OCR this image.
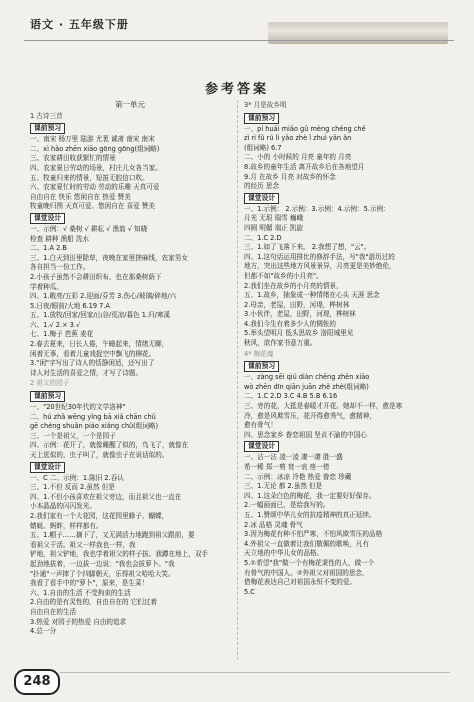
语文 · 五年级下册
参考答案
第一单元
1 古诗三首
课前预习
一、南宋 杨万里 陆游 尤袤 诚斋 南宋 南宋
二、xì hǎo zhēn xiāo gōng gōng(组词略)
三、农家耕田收获繁忙的情景
四、农家夏日劳动的场景，村庄儿女各当家。
五、牧童归来的情景，短笛无腔信口吹。
六、农家夏忙时的劳动 劳动的乐趣 天真可爱
自由自在 快乐 悠闲自在 热爱 赞美
牧童晚归图 天真可爱、悠闲自在 喜爱 赞美
课堂设计
一、示例：√ 桑树 √ 耕耘 √ 渔翁 √ 知晓
检查 耕种 渔船 洗水
二、1.A 2.B
三、1.白天到田里除草，夜晚在家里搓麻线，农家男女
各自担当一份工作。
2.小孩子虽然不会耕田织布，也在那桑树荫下
学着种瓜。
四、1.敞亮/五彩 2.迎面/芬芳 3.伤心/玻璃/碎地/六
5.日夜/眼前/大地 6.19 7.A
五、1.放牧/回家/回家/山谷/荒凉/暮色 1.归/寒溪
六、1.√ 2.× 3.√
七、1.梅子 芭蕉 麦花
2.春去夏来，日长人倦，午睡起来，情绪无聊，
闲着无事，看着儿童戏捉空中飘飞的柳花。
3."闲"字写出了诗人的恬静闲适，还写出了
诗人对生活的喜爱之情，才写了诗题。
2 祖父的园子
课前预习
一、"20世纪30年代的文学洛神"
二、hú zhǎ wēng yǐng bā xiǎ chān chǔ
gē chéng shuǎn piáo xiǎng chǔ(组词略)
三、一个是祖父，一个是园子
四、示例：花开了，就像睡醒了似的，鸟飞了，就像在
天上逛似的，虫子叫了，就像虫子在说话似的。
课堂设计
一、C 二、示例：1.陈旧 2.吞认
三、1.不但 反而 2.虽然 但是
四、1.不但小孩喜欢在祖父旁边，而且祖父也一直在
小本晶晶的闪闪发光。
2.我们家有一个大花园，这花园里蜂子、蝴蝶，
蜻蜓、蚂蚱，样样都有。
五、1.帽子……摘下了，又无满活力地跑到祖父跟前，要
看祖父干活。祖父一样我也一样，我
铲地，祖父铲地，我也学着祖父的样子拔。我蹲在地上，双手
起劲地拔着，一边拔一边说："我也会拔萝卜。"我
"扑通"一声摔了个四脚朝天，乐得祖父哈哈大笑。
我看了看手中的"萝卜"，原来，是生菜！
六、1.自由的生活 不受拘束的生活
2.自由的是有灵性的，自由自在的 它们过着
自由自在的生活
3.热爱 对园子的热爱 自由的追求
4.总一分
3* 月是故乡明
课前预习
一、pí huái miǎo gǔ mèng chéng chě
zì rì fǔ rú lì yǎo zhè ǐ zhuì yǎn ǎn
(组词略) 6.7
二、小的 小时候的 月亮 童年的 月亮
8.故乡的童年生活 离开故乡后在各地望月
9.月 在故乡 月亮 对故乡的怀念
的经历 思念
课堂设计
一、1.示例： 2.示例：3.示例：4.示例：5.示例：
月光 无垠 瑞雪 巍峨
四圆 明媚 端正 凯旋
二、1.C 2.D
三、1.如了飞落下来。 2.我想了想，"云"。
四、1.这句话运用排比的修辞手法，写"我"游历过的
地方，突出这些地方风景景异，月亮更是美妙绝伦，
但都不如"故乡的小月亮"。
2.我们坐在故乡的小月亮的情景，
五、1.故乡，抽象成一种情绪在心头 天涯 思念
2.母亲，老屋，田野，河堤，桦树林
3.小伙伴，老屋，田野，河堤，桦树林
4.我们今生有着多少人的惆怅的
5.举头望明月 低头思故乡 洛阳城里见
秋风，欲作家书意万重。
4* 梅花魂
课前预习
一、zàng sēi qiú diàn chēng zhēn xiāo
wò zhēn dīn qiān juān zhě zhè(组词略)
二、1.C 2.D 3.C 4.B 5.B 6.16
三、旁的花，大抵是春暖才开花。她却不一样，愈是寒
冷，愈是风欺雪压，花开得愈秀气，愈精神，
愈有骨气！
四、思念家乡 眷恋祖国 坚贞不渝的中国心
课堂设计
一、沾一沾 凌一凌 凄一凄 胜一盛
希一稀 郑一剪 衰一哀 痊一傍
二、示例：冰凉 冷艳 热爱 眷恋 珍藏
三、1.无论 都 2.虽然 但是
四、1.这朵白色的梅花，我一定要好好保存。
2.一幅画面已，是给我写的。
五、1.赞颂中华儿女的抗疫精神的真正延续。
2.冰 品格 灵魂 骨气
3.因为梅花有种不怕严寒，不怕风欺雪压的品格
4.外祖父一直做着让我们敬佩的歌唤，凡有
天立地的中华儿女的品格。
5.①希望"我"做一个有梅花秉性的人，做一个
有骨气的中国人。②外祖父对祖国的思念，
借梅花表达自己对祖国永恒不变的爱。
5.C
248
